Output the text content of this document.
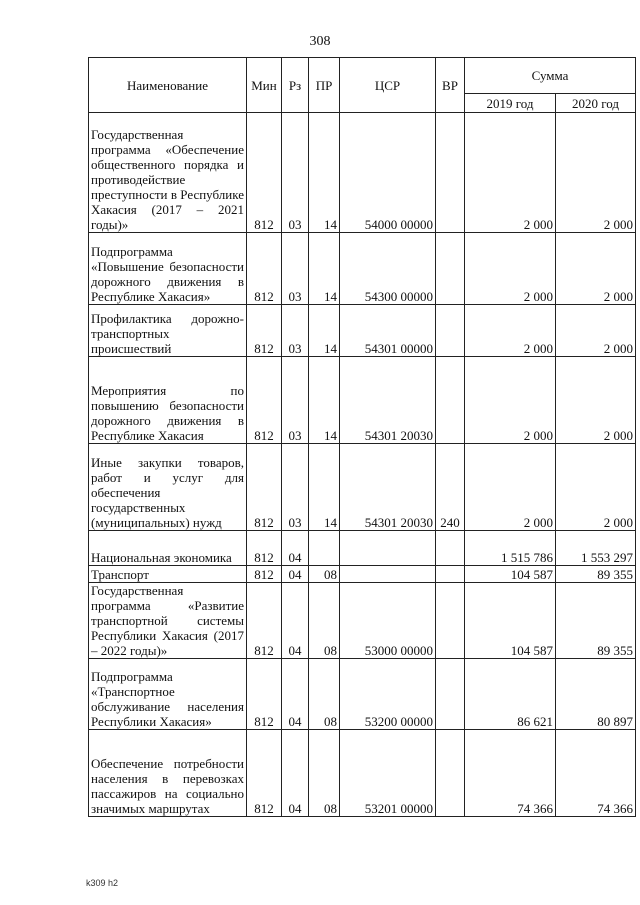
308
Наименование	Мин	Рз	ПР	ЦСР	ВР	Сумма	
						2019 год	2020 год
Государственная программа «Обеспечение общественного порядка и противодействие преступности в Республике Хакасия (2017 – 2021 годы)»	812	03	14	54000 00000		2 000	2 000
Подпрограмма «Повышение безопасности дорожного движения в Республике Хакасия»	812	03	14	54300 00000		2 000	2 000
Профилактика дорожно-транспортных происшествий	812	03	14	54301 00000		2 000	2 000
Мероприятия по повышению безопасности дорожного движения в Республике Хакасия	812	03	14	54301 20030		2 000	2 000
Иные закупки товаров, работ и услуг для обеспечения государственных (муниципальных) нужд	812	03	14	54301 20030	240	2 000	2 000
Национальная экономика	812	04				1 515 786	1 553 297
Транспорт	812	04	08			104 587	89 355
Государственная программа «Развитие транспортной системы Республики Хакасия (2017 – 2022 годы)»	812	04	08	53000 00000		104 587	89 355
Подпрограмма «Транспортное обслуживание населения Республики Хакасия»	812	04	08	53200 00000		86 621	80 897
Обеспечение потребности населения в перевозках пассажиров на социально значимых маршрутах	812	04	08	53201 00000		74 366	74 366
k309 h2
